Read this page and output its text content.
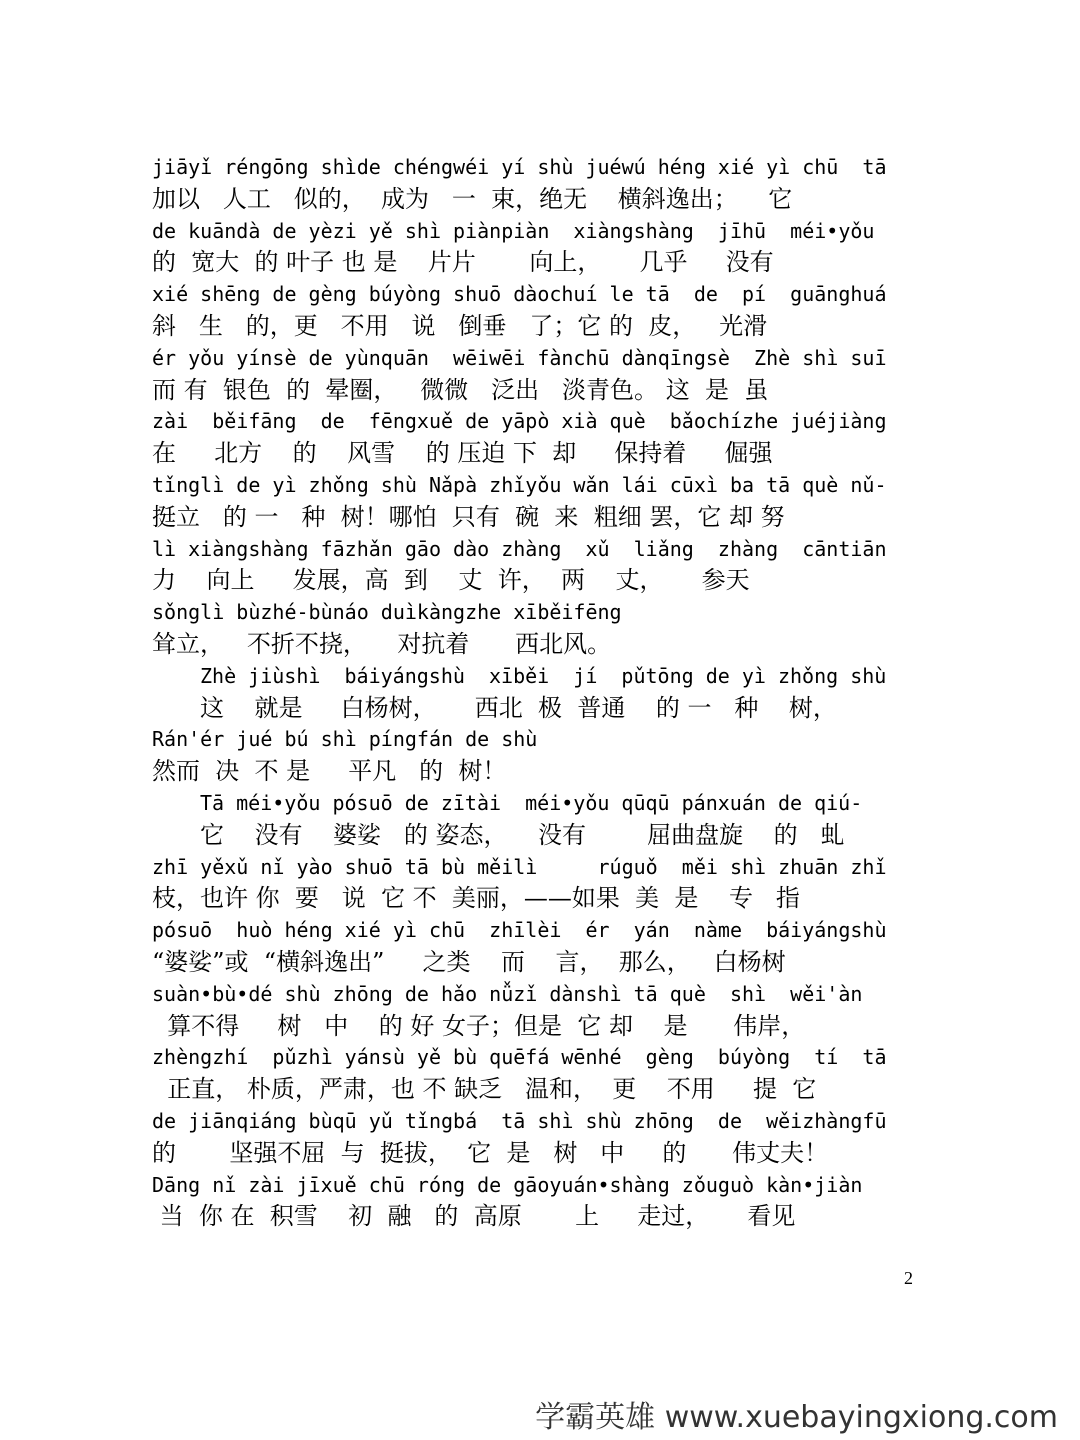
jiāyǐ réngōng shìde chéngwéi yí shù juéwú héng xié yì chū  tā
加以   人工   似的，  成为   一  束，绝无    横斜逸出；    它
de kuāndà de yèzi yě shì piànpiàn  xiàngshàng  jīhū  méi•yǒu
的  宽大  的 叶子 也 是    片片       向上，     几乎     没有
xié shēng de gèng búyòng shuō dàochuí le tā  de  pí  guānghuá
斜   生   的，更   不用   说   倒垂   了；它 的  皮，   光滑
ér yǒu yínsè de yùnquān  wēiwēi fànchū dànqīngsè  Zhè shì suī
而 有  银色  的  晕圈，   微微   泛出   淡青色。 这  是  虽
zài  běifāng  de  fēngxuě de yāpò xià què  bǎochízhe juéjiàng
在     北方    的    风雪    的 压迫 下  却     保持着     倔强
tǐnglì de yì zhǒng shù Nǎpà zhǐyǒu wǎn lái cūxì ba tā què nǔ-
挺立   的 一   种  树！哪怕  只有  碗  来  粗细 罢，它 却 努
lì xiàngshàng fāzhǎn gāo dào zhàng  xǔ  liǎng  zhàng  cāntiān
力    向上     发展，高  到    丈  许，  两    丈，     参天
sǒnglì bùzhé-bùnáo duìkàngzhe xīběifēng
耸立，   不折不挠，    对抗着      西北风。
Zhè jiùshì  báiyángshù  xīběi  jí  pǔtōng de yì zhǒng shù
这    就是     白杨树，     西北  极  普通    的 一   种    树，
Rán'ér jué bú shì píngfán de shù
然而  决  不 是     平凡   的  树！
Tā méi•yǒu pósuō de zītài  méi•yǒu qūqū pánxuán de qiú-
它    没有    婆娑   的 姿态，    没有        屈曲盘旋    的   虬
zhī yěxǔ nǐ yào shuō tā bù měilì     rúguǒ  měi shì zhuān zhǐ
枝，也许 你  要   说  它 不  美丽，——如果  美  是    专   指
pósuō  huò héng xié yì chū  zhīlèi  ér  yán  nàme  báiyángshù
“婆娑”或  “横斜逸出”     之类    而    言，  那么，   白杨树
suàn•bù•dé shù zhōng de hǎo nǚzǐ dànshì tā què  shì  wěi'àn
算不得     树   中    的 好 女子；但是  它 却    是      伟岸，
zhèngzhí  pǔzhì yánsù yě bù quēfá wēnhé  gèng  búyòng  tí  tā
正直， 朴质，严肃，也 不 缺乏   温和，  更    不用     提  它
de jiānqiáng bùqū yǔ tǐngbá  tā shì shù zhōng  de  wěizhàngfū
的       坚强不屈  与  挺拔，  它  是   树   中     的      伟丈夫！
Dāng nǐ zài jīxuě chū róng de gāoyuán•shàng zǒuguò kàn•jiàn
当  你 在  积雪    初  融   的  高原       上     走过，     看见
2
学霸英雄 www.xuebayingxiong.com
